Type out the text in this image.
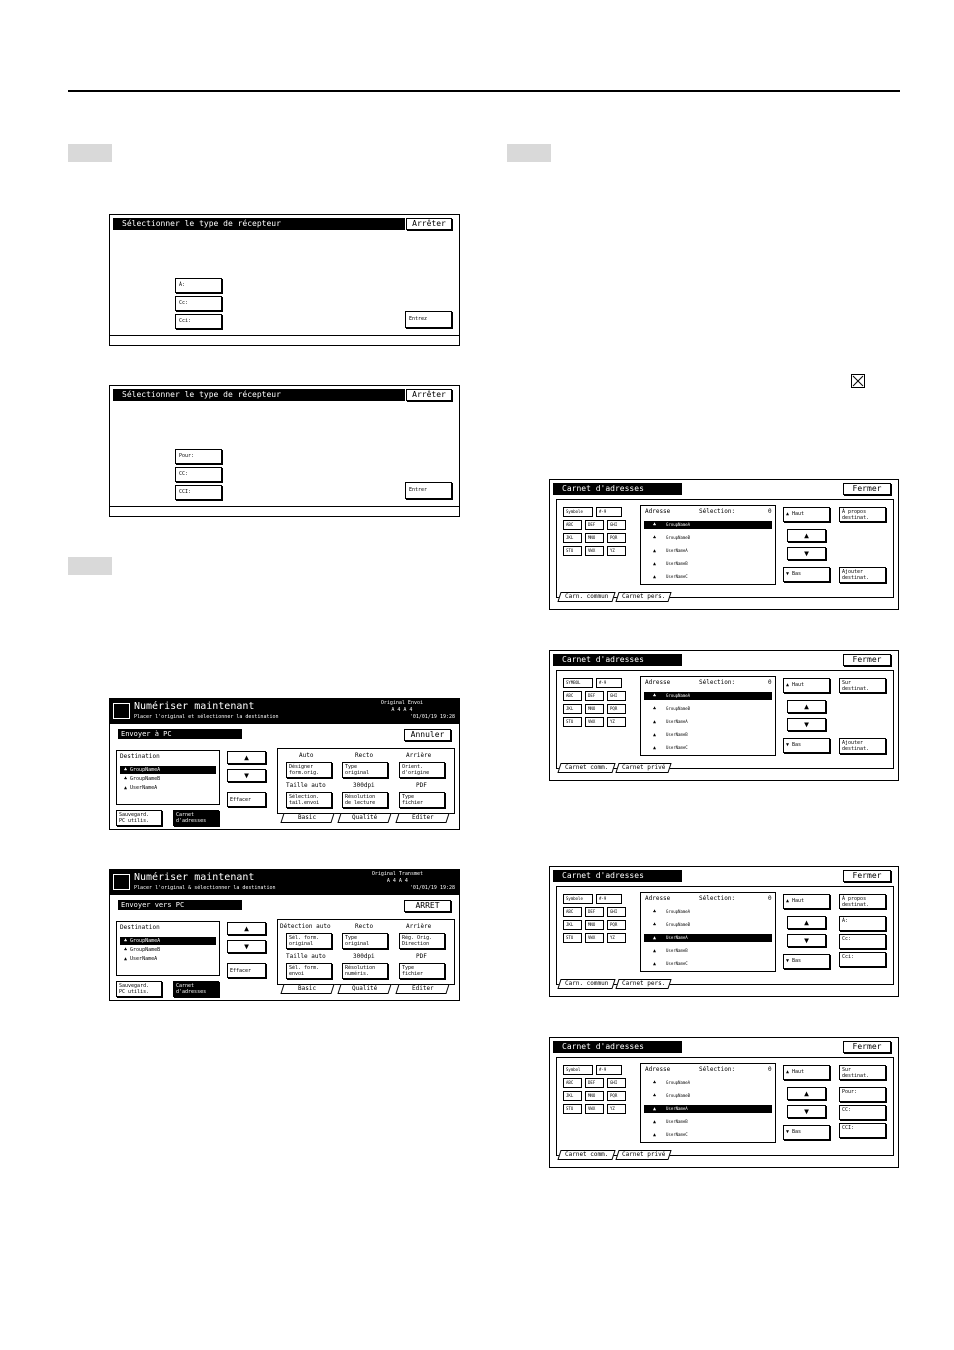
Sélectionner le type de récepteur	Arrêter
À:
Cc:
Cci:	Entrez
Sélectionner le type de récepteur	Arrêter
Pour:
CC:
CCI:	Entrer
Numériser maintenant
Placer l'original et sélectionner la destination
Original Envoi
A 4 A 4
'01/01/19 19:28
Envoyer à PC	Annuler
Destination
♣ GroupNameA
♣ GroupNameB
▲ UserNameA
▲
▼
Effacer
Sauvegard.
PC utilis.
Carnet
d'adresses
Auto	Recto	Arrière
Désigner
form.orig.
Type
original
Orient.
d'origine
Taille auto	300dpi	PDF
Sélection.
tail.envoi
Résolution
de lecture
Type
fichier
Basic	Qualité	Editer
Numériser maintenant
Placer l'original & sélectionner la destination
Original Transmet
A 4 A 4
'01/01/19 19:28
Envoyer vers PC	ARRET
Destination
♣ GroupNameA
♣ GroupNameB
▲ UserNameA
▲
▼
Effacer
Sauvegard.
PC utilis.
Carnet
d'adresses
Détection auto	Recto	Arrière
Sél. form.
original
Type
original
Rég. Orig.
Direction
Taille auto	300dpi	PDF
Sél. form.
envoi
Résolution
numéris.
Type
fichier
Basic	Qualité	Editer
Carnet d'adresses	Fermer
Symbole	#-9
ABC	DEF	GHI
JKL	MNO	PQR
STU	VWX	YZ
Adresse	Sélection:	0
♣ GroupNameA
♣ GroupNameB
▲ UserNameA
▲ UserNameB
▲ UserNameC
▲ Haut
▲
▼
▼ Bas
À propos
destinat.
Ajouter
destinat.
Carn. commun	Carnet pers.
Carnet d'adresses	Fermer
SYMBOL	#-9
ABC	DEF	GHI
JKL	MNO	PQR
STU	VWX	YZ
Adresse	Sélection:	0
♣ GroupNameA
♣ GroupNameB
▲ UserNameA
▲ UserNameB
▲ UserNameC
▲ Haut
▲
▼
▼ Bas
Sur
destinat.
Ajouter
destinat.
Carnet comm.	Carnet privé
Carnet d'adresses	Fermer
Symbole	#-9
ABC	DEF	GHI
JKL	MNO	PQR
STU	VWX	YZ
Adresse	Sélection:	0
♣ GroupNameA
♣ GroupNameB
▲ UserNameA
▲ UserNameB
▲ UserNameC
▲ Haut
▲
▼
▼ Bas
À propos
destinat.
À:
Cc:
Cci:
Carn. commun	Carnet pers.
Carnet d'adresses	Fermer
Symbol	#-9
ABC	DEF	GHI
JKL	MNO	PQR
STU	VWX	YZ
Adresse	Sélection:	0
♣ GroupNameA
♣ GroupNameB
▲ UserNameA
▲ UserNameB
▲ UserNameC
▲ Haut
▲
▼
▼ Bas
Sur
destinat.
Pour:
CC:
CCI:
Carnet comm.	Carnet privé
